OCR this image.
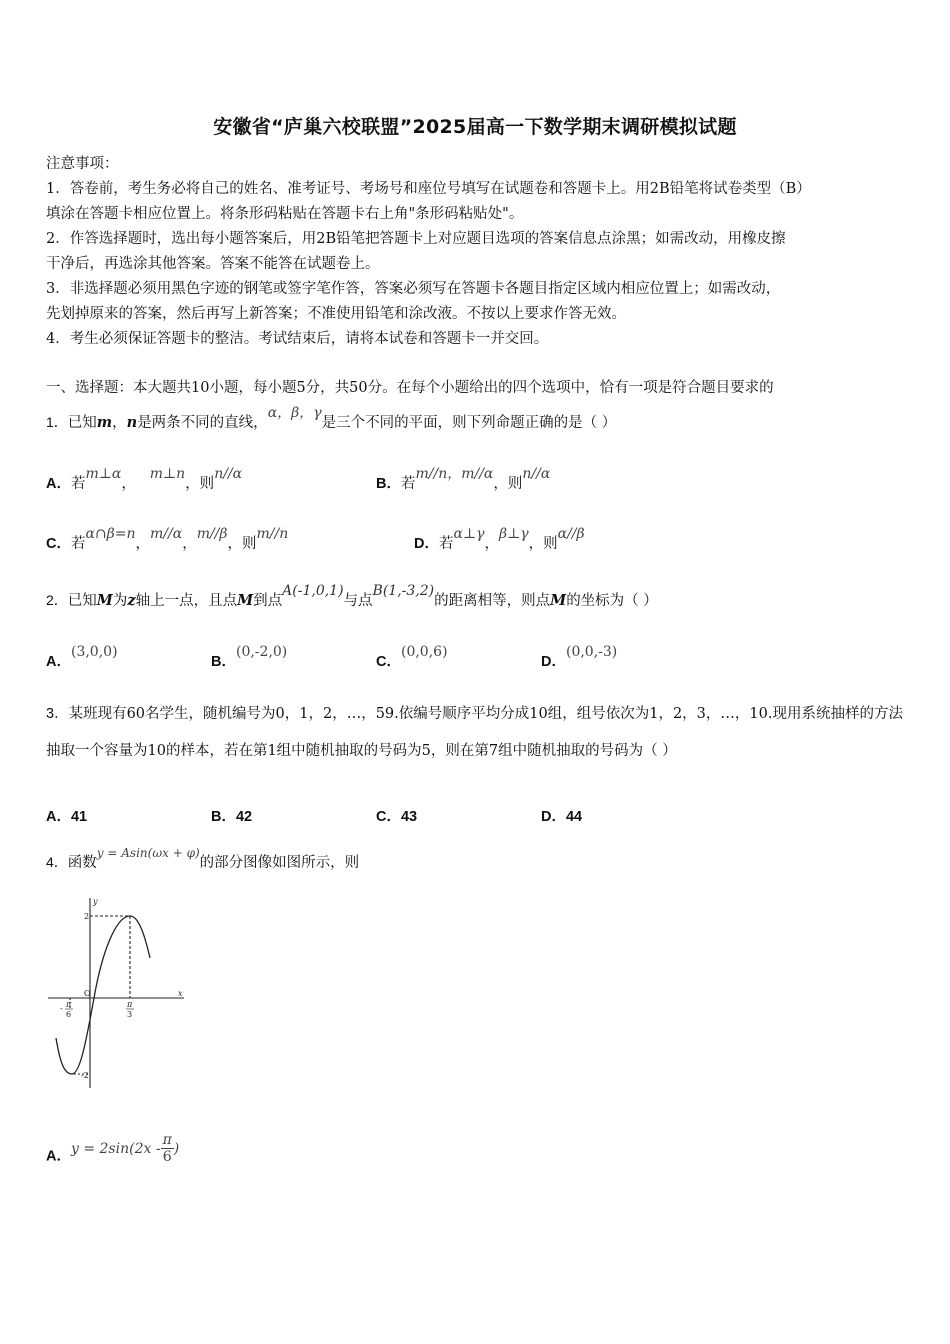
安徽省“庐巢六校联盟”2025届高一下数学期末调研模拟试题

注意事项：

1．答卷前，考生务必将自己的姓名、准考证号、考场号和座位号填写在试题卷和答题卡上。用2B铅笔将试卷类型（B）

填涂在答题卡相应位置上。将条形码粘贴在答题卡右上角"条形码粘贴处"。

2．作答选择题时，选出每小题答案后，用2B铅笔把答题卡上对应题目选项的答案信息点涂黑；如需改动，用橡皮擦

干净后，再选涂其他答案。答案不能答在试题卷上。

3．非选择题必须用黑色字迹的钢笔或签字笔作答，答案必须写在答题卡各题目指定区域内相应位置上；如需改动，

先划掉原来的答案，然后再写上新答案；不准使用铅笔和涂改液。不按以上要求作答无效。

4．考生必须保证答题卡的整洁。考试结束后，请将本试卷和答题卡一并交回。

一、选择题：本大题共10小题，每小题5分，共50分。在每个小题给出的四个选项中，恰有一项是符合题目要求的
1．已知m，n是两条不同的直线，α，β，γ是三个不同的平面，则下列命题正确的是（ ）
A．若m⊥α，   m⊥n，则n//α
B．若m//n，m//α，则n//α
C．若α∩β=n，m//α，m//β，则m//n
D．若α⊥γ，β⊥γ，则α//β
2．已知M为z轴上一点，且点M到点A(-1,0,1)与点B(1,-3,2)的距离相等，则点M的坐标为（ ）
A．(3,0,0)
B．(0,-2,0)
C．(0,0,6)
D．(0,0,-3)
3．某班现有60名学生，随机编号为0，1，2，…，59.依编号顺序平均分成10组，组号依次为1，2，3，…，10.现用系统抽样的方法抽取一个容量为10的样本，若在第1组中随机抽取的号码为5，则在第7组中随机抽取的号码为（ ）
A．41	B．42	C．43	D．44
4．函数$^{y = Asin(\omega x + \varphi)}$的部分图像如图所示，则
y
x
O
2
-2
π
3
- π
6
A．$y = 2\sin(2x - \frac{\pi}{6}$ )
